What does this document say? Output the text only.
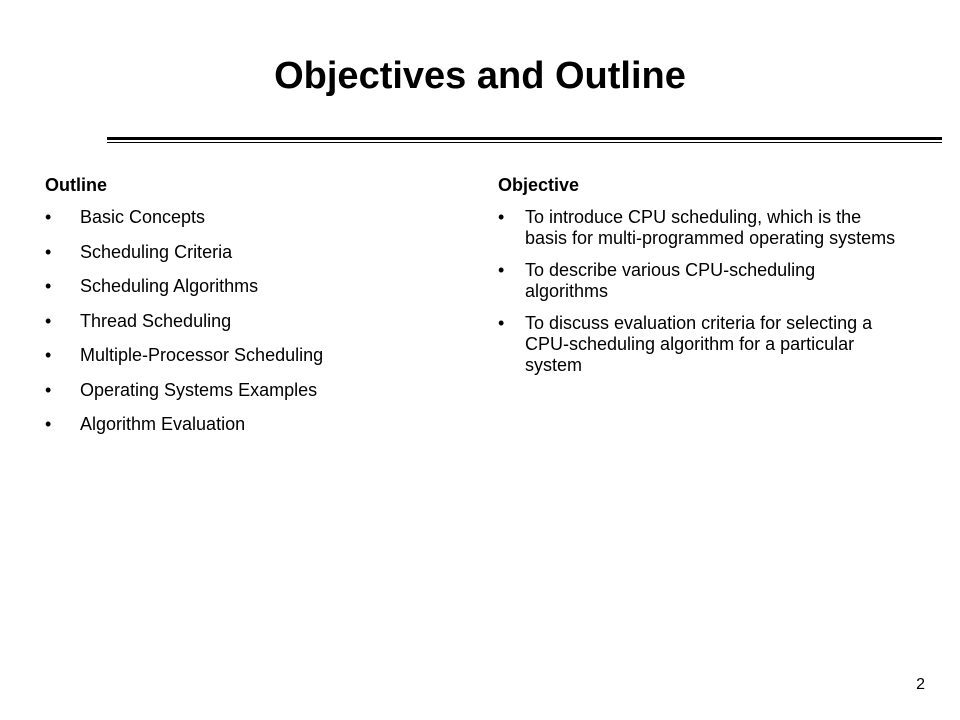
Objectives and Outline
Outline
• Basic Concepts
• Scheduling Criteria
• Scheduling Algorithms
• Thread Scheduling
• Multiple-Processor Scheduling
• Operating Systems Examples
• Algorithm Evaluation
Objective
• To introduce CPU scheduling, which is the basis for multi-programmed operating systems
• To describe various CPU-scheduling algorithms
• To discuss evaluation criteria for selecting a CPU-scheduling algorithm for a particular system
2
